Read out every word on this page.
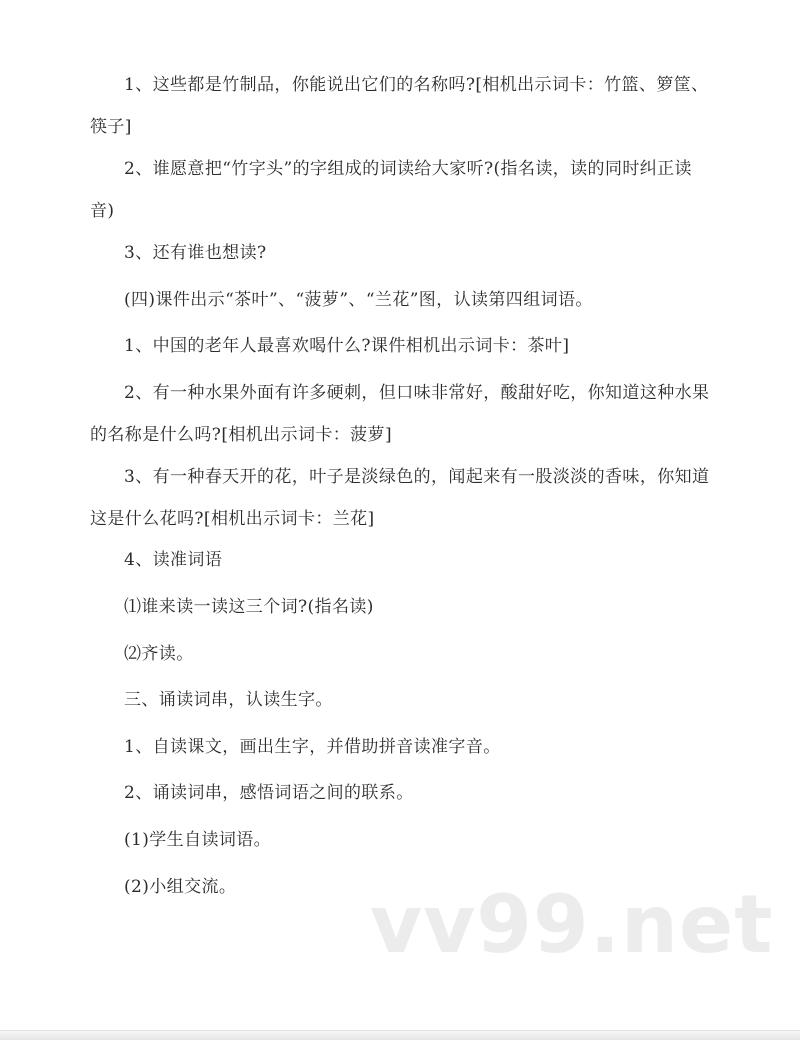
1、这些都是竹制品，你能说出它们的名称吗?[相机出示词卡：竹篮、箩筐、筷子]

2、谁愿意把“竹字头”的字组成的词读给大家听?(指名读，读的同时纠正读音)

3、还有谁也想读?

(四)课件出示“茶叶”、“菠萝”、“兰花”图，认读第四组词语。

1、中国的老年人最喜欢喝什么?课件相机出示词卡：茶叶]

2、有一种水果外面有许多硬刺，但口味非常好，酸甜好吃，你知道这种水果的名称是什么吗?[相机出示词卡：菠萝]

3、有一种春天开的花，叶子是淡绿色的，闻起来有一股淡淡的香味，你知道这是什么花吗?[相机出示词卡：兰花]

4、读准词语

⑴谁来读一读这三个词?(指名读)

⑵齐读。

三、诵读词串，认读生字。

1、自读课文，画出生字，并借助拼音读准字音。

2、诵读词串，感悟词语之间的联系。

(1)学生自读词语。

(2)小组交流。	vv99.net
